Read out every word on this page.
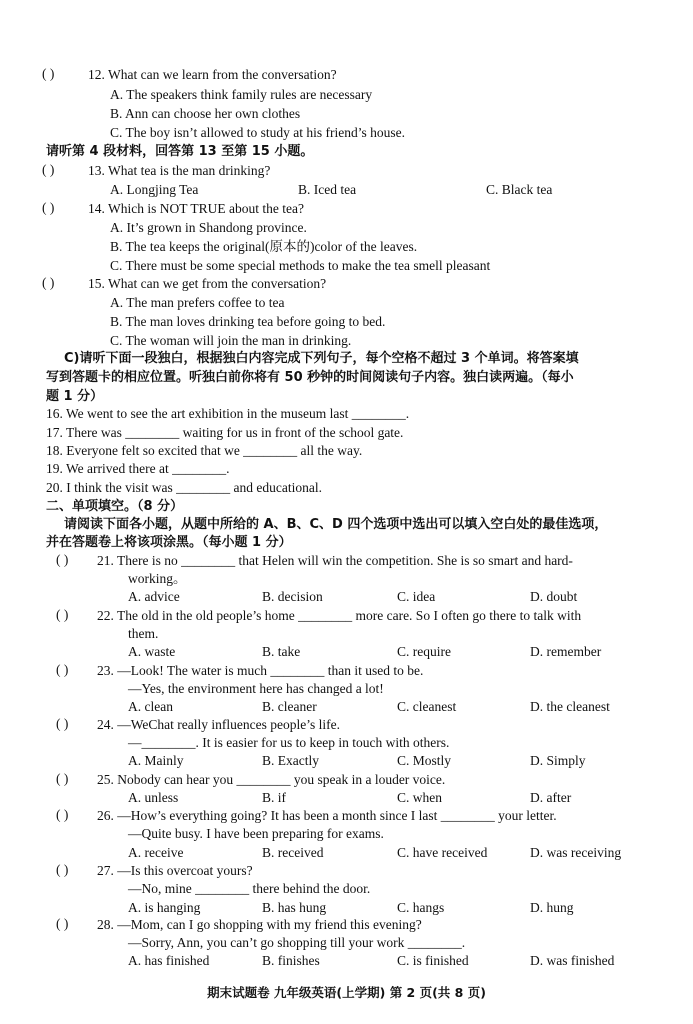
( ) 12. What can we learn from the conversation?
A. The speakers think family rules are necessary
B. Ann can choose her own clothes
C. The boy isn’t allowed to study at his friend’s house.
请听第 4 段材料，回答第 13 至第 15 小题。
( ) 13. What tea is the man drinking?
A. Longjing Tea	B. Iced tea	C. Black tea
( ) 14. Which is NOT TRUE about the tea?
A. It’s grown in Shandong province.
B. The tea keeps the original(原本的)color of the leaves.
C. There must be some special methods to make the tea smell pleasant
( ) 15. What can we get from the conversation?
A. The man prefers coffee to tea
B. The man loves drinking tea before going to bed.
C. The woman will join the man in drinking.
C)请听下面一段独白，根据独白内容完成下列句子，每个空格不超过 3 个单词。将答案填
写到答题卡的相应位置。听独白前你将有 50 秒钟的时间阅读句子内容。独白读两遍。（每小
题 1 分）
16. We went to see the art exhibition in the museum last ________.
17. There was ________ waiting for us in front of the school gate.
18. Everyone felt so excited that we ________ all the way.
19. We arrived there at ________.
20. I think the visit was ________ and educational.
二、单项填空。（8 分）
请阅读下面各小题，从题中所给的 A、B、C、D 四个选项中选出可以填入空白处的最佳选项，
并在答题卷上将该项涂黑。（每小题 1 分）
( ) 21. There is no ________ that Helen will win the competition. She is so smart and hard-
working。
A. advice	B. decision	C. idea	D. doubt
( ) 22. The old in the old people’s home ________ more care. So I often go there to talk with
them.
A. waste	B. take	C. require	D. remember
( ) 23. —Look! The water is much ________ than it used to be.
—Yes, the environment here has changed a lot!
A. clean	B. cleaner	C. cleanest	D. the cleanest
( ) 24. —WeChat really influences people’s life.
—________. It is easier for us to keep in touch with others.
A. Mainly	B. Exactly	C. Mostly	D. Simply
( ) 25. Nobody can hear you ________ you speak in a louder voice.
A. unless	B. if	C. when	D. after
( ) 26. —How’s everything going? It has been a month since I last ________ your letter.
—Quite busy. I have been preparing for exams.
A. receive	B. received	C. have received	D. was receiving
( ) 27. —Is this overcoat yours?
—No, mine ________ there behind the door.
A. is hanging	B. has hung	C. hangs	D. hung
( ) 28. —Mom, can I go shopping with my friend this evening?
—Sorry, Ann, you can’t go shopping till your work ________.
A. has finished	B. finishes	C. is finished	D. was finished
期末试题卷 九年级英语(上学期) 第 2 页(共 8 页)
